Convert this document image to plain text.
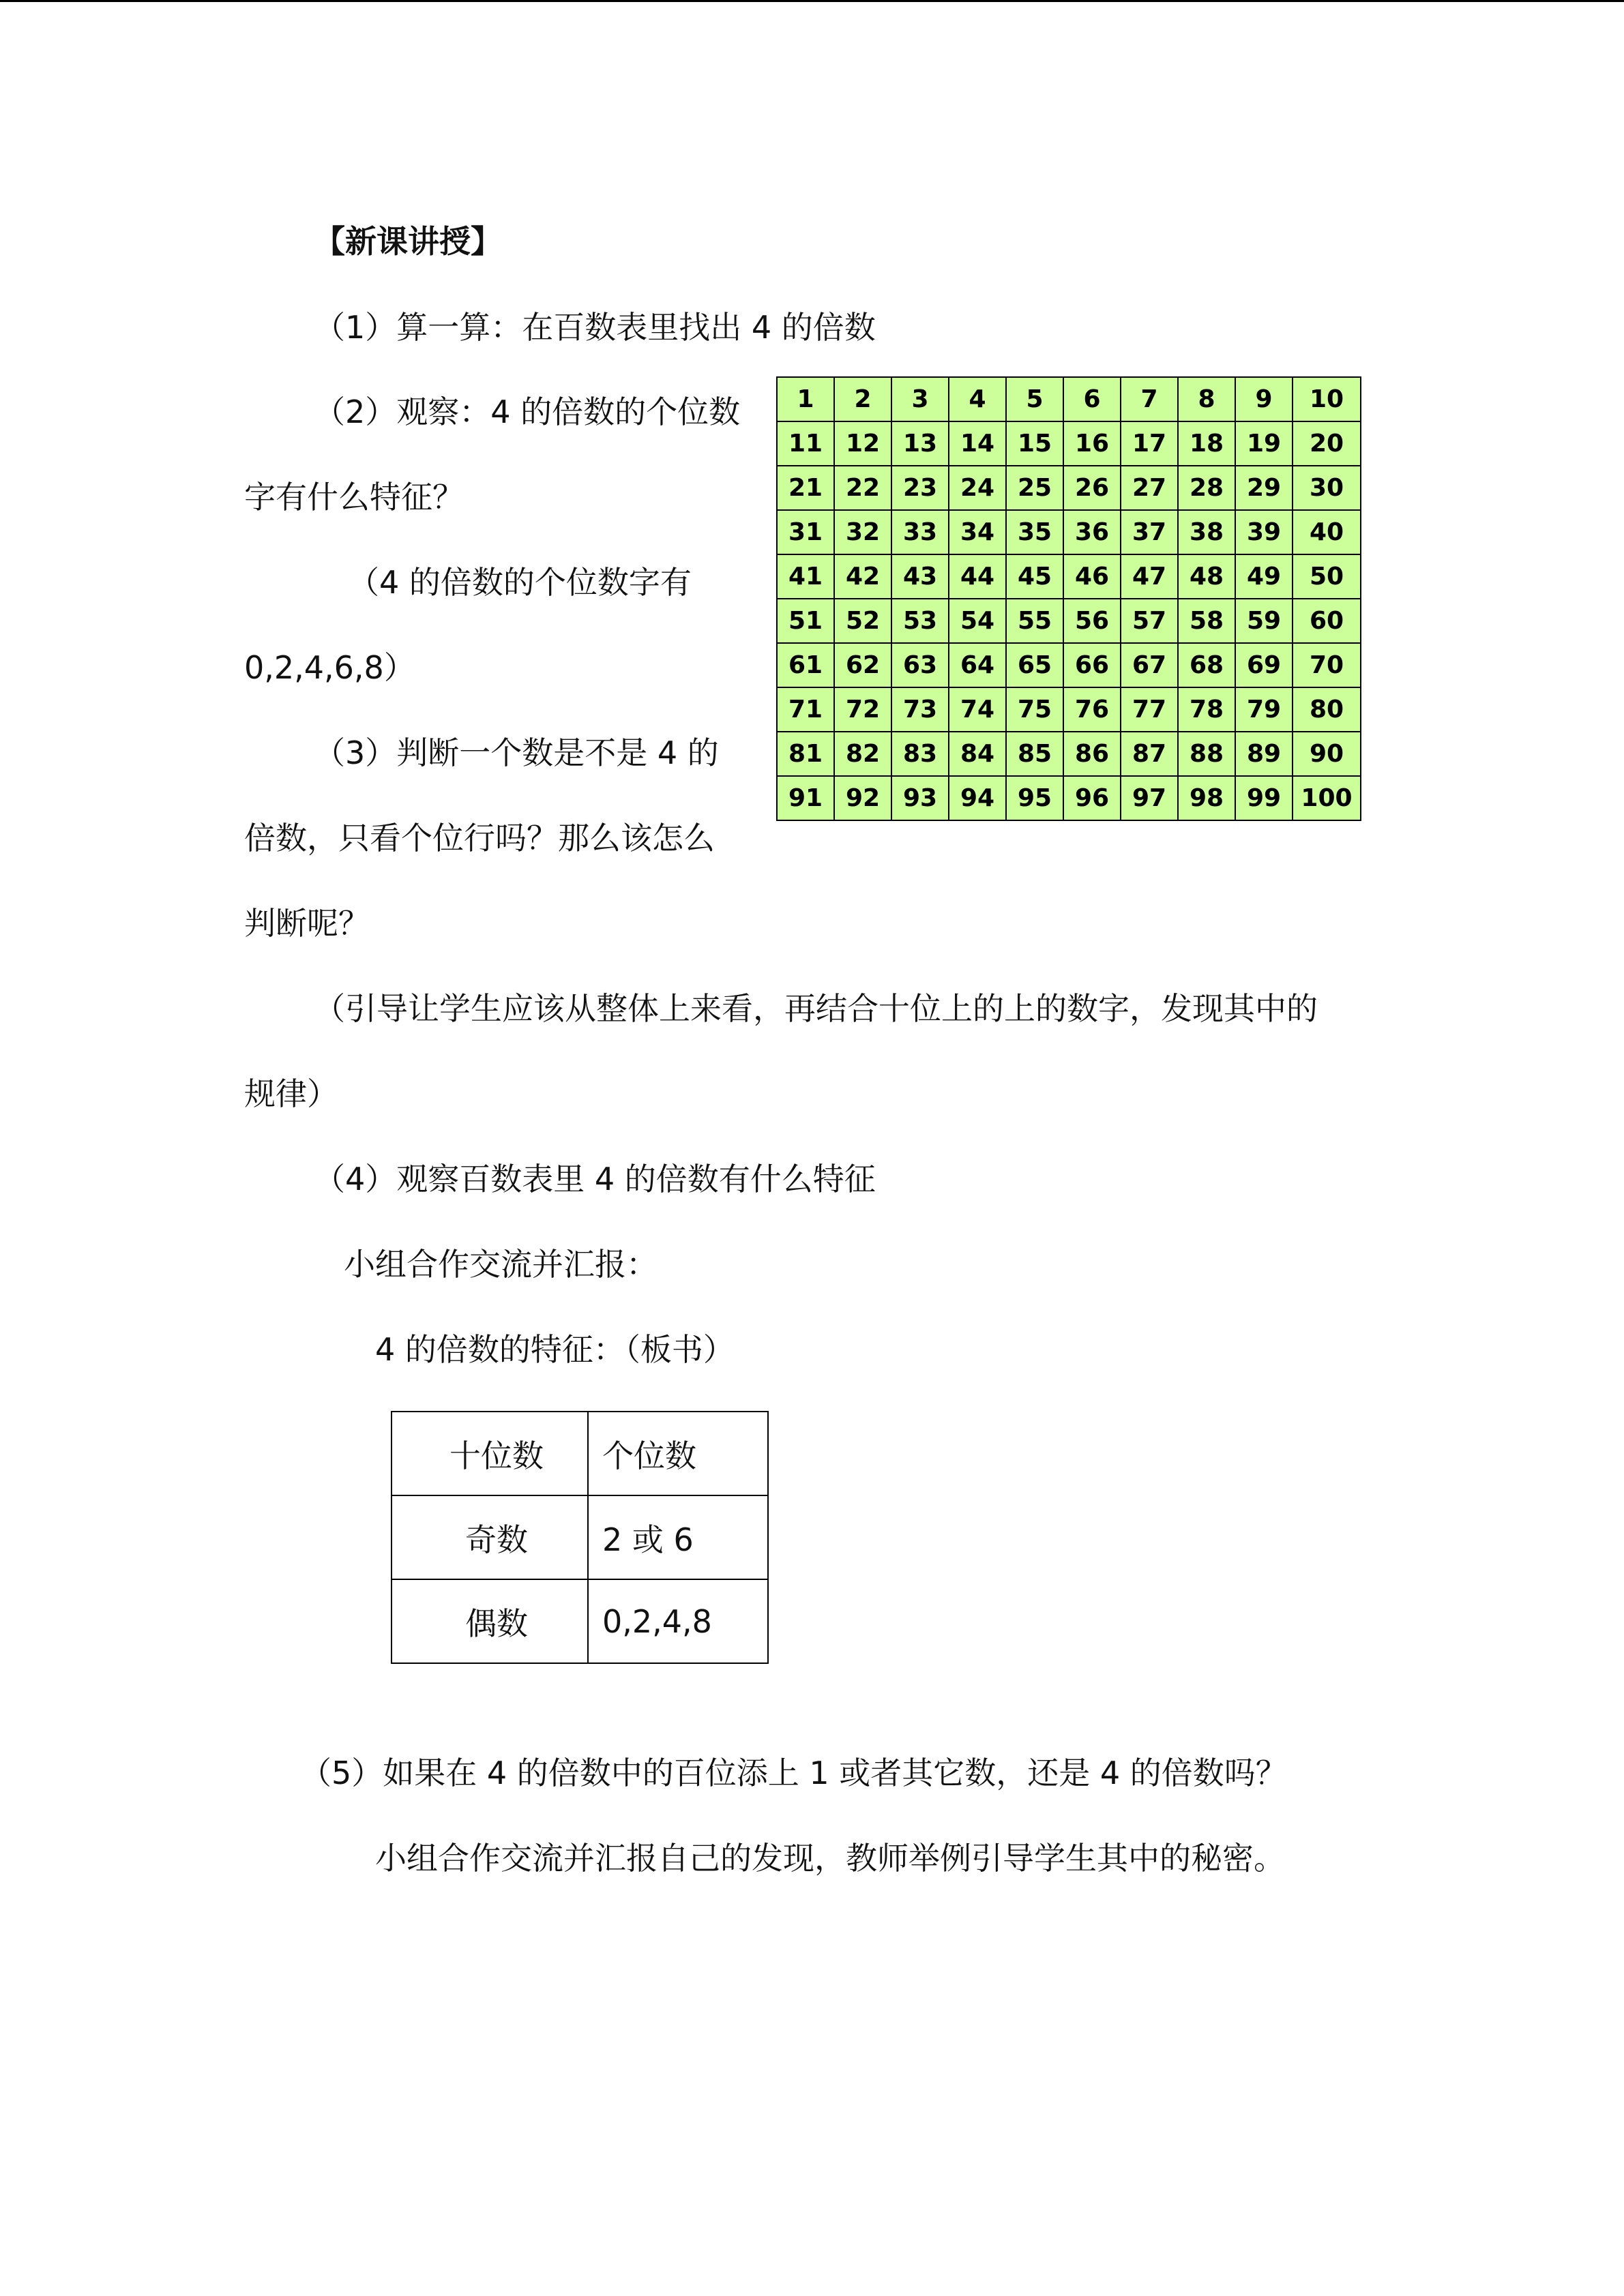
【新课讲授】
（1）算一算：在百数表里找出 4 的倍数
（2）观察：4 的倍数的个位数
字有什么特征？
（4 的倍数的个位数字有
0,2,4,6,8）
（3）判断一个数是不是 4 的
倍数，只看个位行吗？那么该怎么
判断呢？
（引导让学生应该从整体上来看，再结合十位上的上的数字，发现其中的
规律）
（4）观察百数表里 4 的倍数有什么特征
小组合作交流并汇报：
4 的倍数的特征：（板书）
1	2	3	4	5	6	7	8	9	10
11	12	13	14	15	16	17	18	19	20
21	22	23	24	25	26	27	28	29	30
31	32	33	34	35	36	37	38	39	40
41	42	43	44	45	46	47	48	49	50
51	52	53	54	55	56	57	58	59	60
61	62	63	64	65	66	67	68	69	70
71	72	73	74	75	76	77	78	79	80
81	82	83	84	85	86	87	88	89	90
91	92	93	94	95	96	97	98	99	100
十位数	个位数
奇数	2 或 6
偶数	0,2,4,8
（5）如果在 4 的倍数中的百位添上 1 或者其它数，还是 4 的倍数吗？
小组合作交流并汇报自己的发现，教师举例引导学生其中的秘密。
